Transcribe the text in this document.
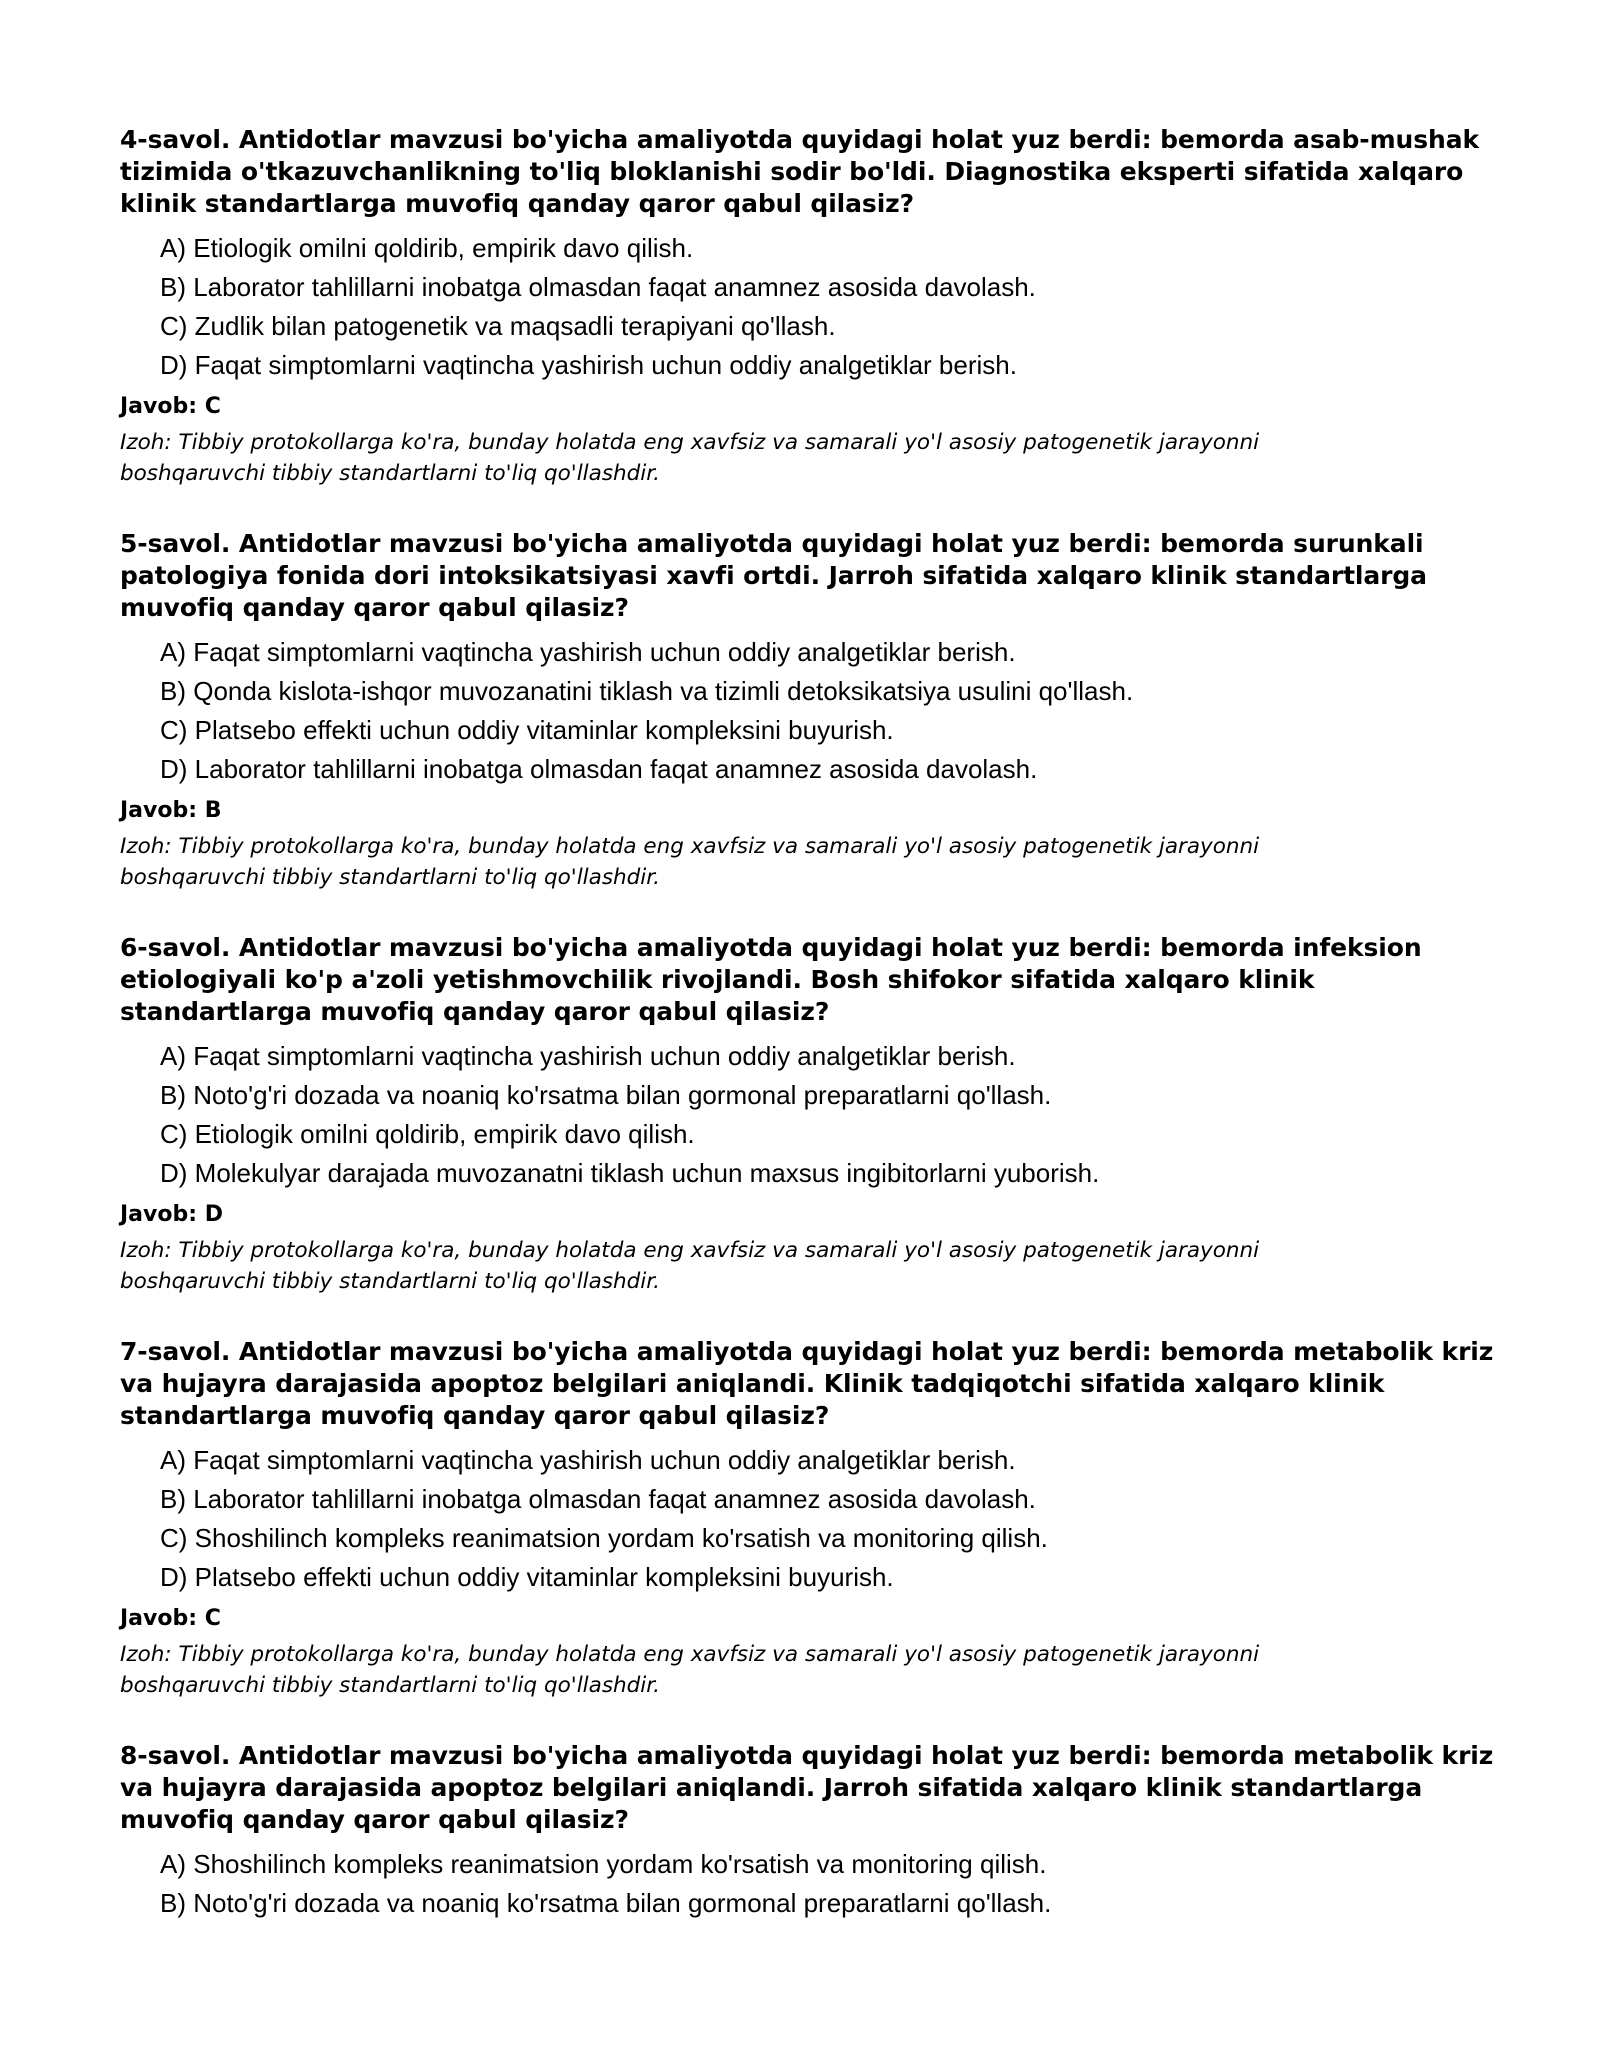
4-savol. Antidotlar mavzusi bo'yicha amaliyotda quyidagi holat yuz berdi: bemorda asab-mushak tizimida o'tkazuvchanlikning to'liq bloklanishi sodir bo'ldi. Diagnostika eksperti sifatida xalqaro klinik standartlarga muvofiq qanday qaror qabul qilasiz?
A) Etiologik omilni qoldirib, empirik davo qilish.
B) Laborator tahlillarni inobatga olmasdan faqat anamnez asosida davolash.
C) Zudlik bilan patogenetik va maqsadli terapiyani qo'llash.
D) Faqat simptomlarni vaqtincha yashirish uchun oddiy analgetiklar berish.
Javob: C
Izoh: Tibbiy protokollarga ko'ra, bunday holatda eng xavfsiz va samarali yo'l asosiy patogenetik jarayonni boshqaruvchi tibbiy standartlarni to'liq qo'llashdir.
5-savol. Antidotlar mavzusi bo'yicha amaliyotda quyidagi holat yuz berdi: bemorda surunkali patologiya fonida dori intoksikatsiyasi xavfi ortdi. Jarroh sifatida xalqaro klinik standartlarga muvofiq qanday qaror qabul qilasiz?
A) Faqat simptomlarni vaqtincha yashirish uchun oddiy analgetiklar berish.
B) Qonda kislota-ishqor muvozanatini tiklash va tizimli detoksikatsiya usulini qo'llash.
C) Platsebo effekti uchun oddiy vitaminlar kompleksini buyurish.
D) Laborator tahlillarni inobatga olmasdan faqat anamnez asosida davolash.
Javob: B
Izoh: Tibbiy protokollarga ko'ra, bunday holatda eng xavfsiz va samarali yo'l asosiy patogenetik jarayonni boshqaruvchi tibbiy standartlarni to'liq qo'llashdir.
6-savol. Antidotlar mavzusi bo'yicha amaliyotda quyidagi holat yuz berdi: bemorda infeksion etiologiyali ko'p a'zoli yetishmovchilik rivojlandi. Bosh shifokor sifatida xalqaro klinik standartlarga muvofiq qanday qaror qabul qilasiz?
A) Faqat simptomlarni vaqtincha yashirish uchun oddiy analgetiklar berish.
B) Noto'g'ri dozada va noaniq ko'rsatma bilan gormonal preparatlarni qo'llash.
C) Etiologik omilni qoldirib, empirik davo qilish.
D) Molekulyar darajada muvozanatni tiklash uchun maxsus ingibitorlarni yuborish.
Javob: D
Izoh: Tibbiy protokollarga ko'ra, bunday holatda eng xavfsiz va samarali yo'l asosiy patogenetik jarayonni boshqaruvchi tibbiy standartlarni to'liq qo'llashdir.
7-savol. Antidotlar mavzusi bo'yicha amaliyotda quyidagi holat yuz berdi: bemorda metabolik kriz va hujayra darajasida apoptoz belgilari aniqlandi. Klinik tadqiqotchi sifatida xalqaro klinik standartlarga muvofiq qanday qaror qabul qilasiz?
A) Faqat simptomlarni vaqtincha yashirish uchun oddiy analgetiklar berish.
B) Laborator tahlillarni inobatga olmasdan faqat anamnez asosida davolash.
C) Shoshilinch kompleks reanimatsion yordam ko'rsatish va monitoring qilish.
D) Platsebo effekti uchun oddiy vitaminlar kompleksini buyurish.
Javob: C
Izoh: Tibbiy protokollarga ko'ra, bunday holatda eng xavfsiz va samarali yo'l asosiy patogenetik jarayonni boshqaruvchi tibbiy standartlarni to'liq qo'llashdir.
8-savol. Antidotlar mavzusi bo'yicha amaliyotda quyidagi holat yuz berdi: bemorda metabolik kriz va hujayra darajasida apoptoz belgilari aniqlandi. Jarroh sifatida xalqaro klinik standartlarga muvofiq qanday qaror qabul qilasiz?
A) Shoshilinch kompleks reanimatsion yordam ko'rsatish va monitoring qilish.
B) Noto'g'ri dozada va noaniq ko'rsatma bilan gormonal preparatlarni qo'llash.
